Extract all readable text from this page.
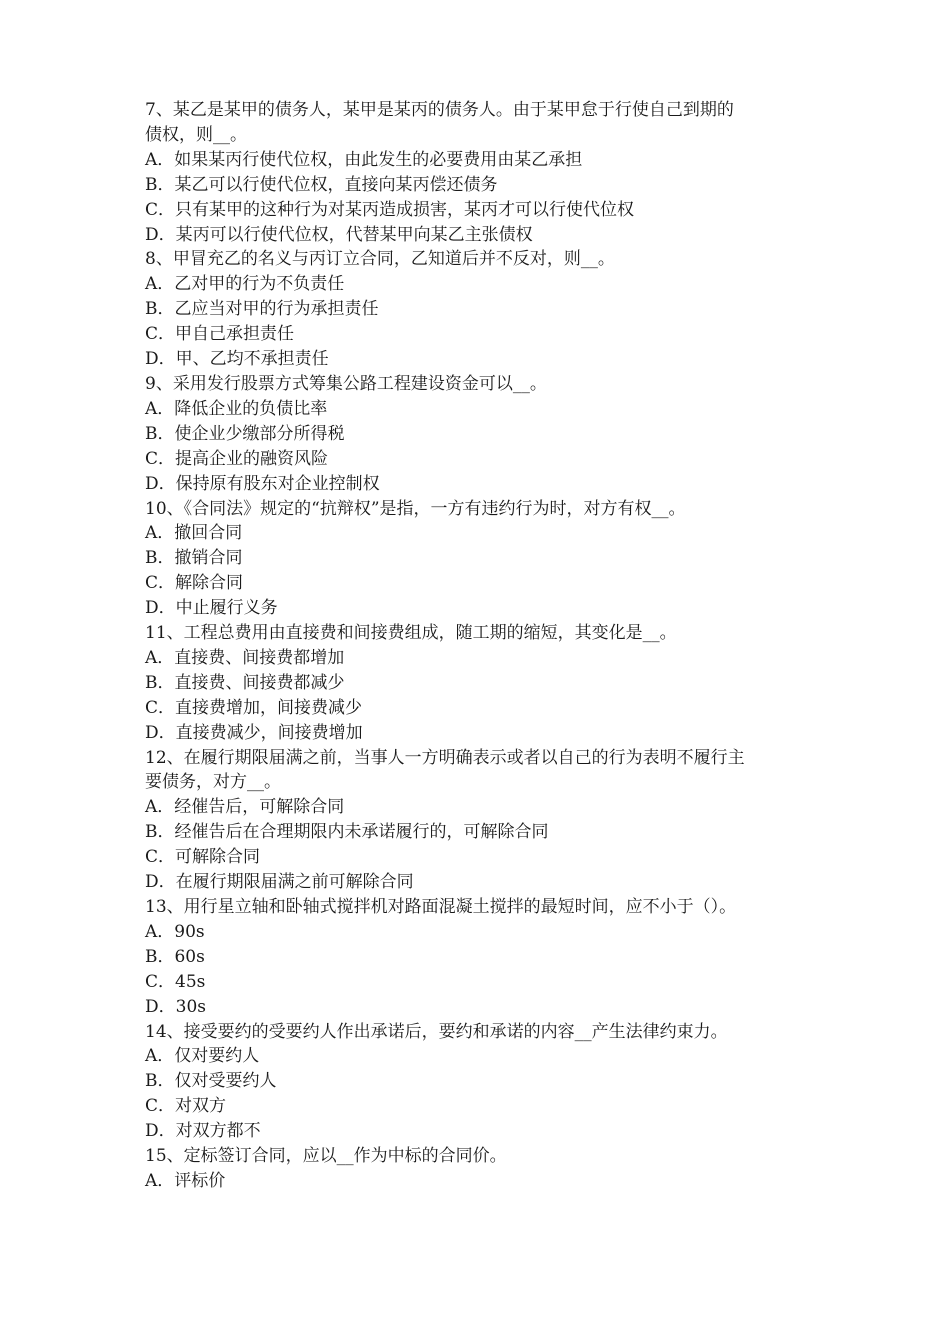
7、某乙是某甲的债务人，某甲是某丙的债务人。由于某甲怠于行使自己到期的

债权，则__。

A．如果某丙行使代位权，由此发生的必要费用由某乙承担

B．某乙可以行使代位权，直接向某丙偿还债务

C．只有某甲的这种行为对某丙造成损害，某丙才可以行使代位权

D．某丙可以行使代位权，代替某甲向某乙主张债权

8、甲冒充乙的名义与丙订立合同，乙知道后并不反对，则__。

A．乙对甲的行为不负责任

B．乙应当对甲的行为承担责任

C．甲自己承担责任

D．甲、乙均不承担责任

9、采用发行股票方式筹集公路工程建设资金可以__。

A．降低企业的负债比率

B．使企业少缴部分所得税

C．提高企业的融资风险

D．保持原有股东对企业控制权

10、《合同法》规定的“抗辩权”是指，一方有违约行为时，对方有权__。

A．撤回合同

B．撤销合同

C．解除合同

D．中止履行义务

11、工程总费用由直接费和间接费组成，随工期的缩短，其变化是__。

A．直接费、间接费都增加

B．直接费、间接费都减少

C．直接费增加，间接费减少

D．直接费减少，间接费增加

12、在履行期限届满之前，当事人一方明确表示或者以自己的行为表明不履行主

要债务，对方__。

A．经催告后，可解除合同

B．经催告后在合理期限内未承诺履行的，可解除合同

C．可解除合同

D．在履行期限届满之前可解除合同

13、用行星立轴和卧轴式搅拌机对路面混凝土搅拌的最短时间，应不小于（）。

A．90s

B．60s

C．45s

D．30s

14、接受要约的受要约人作出承诺后，要约和承诺的内容__产生法律约束力。

A．仅对要约人

B．仅对受要约人

C．对双方

D．对双方都不

15、定标签订合同，应以__作为中标的合同价。

A．评标价
